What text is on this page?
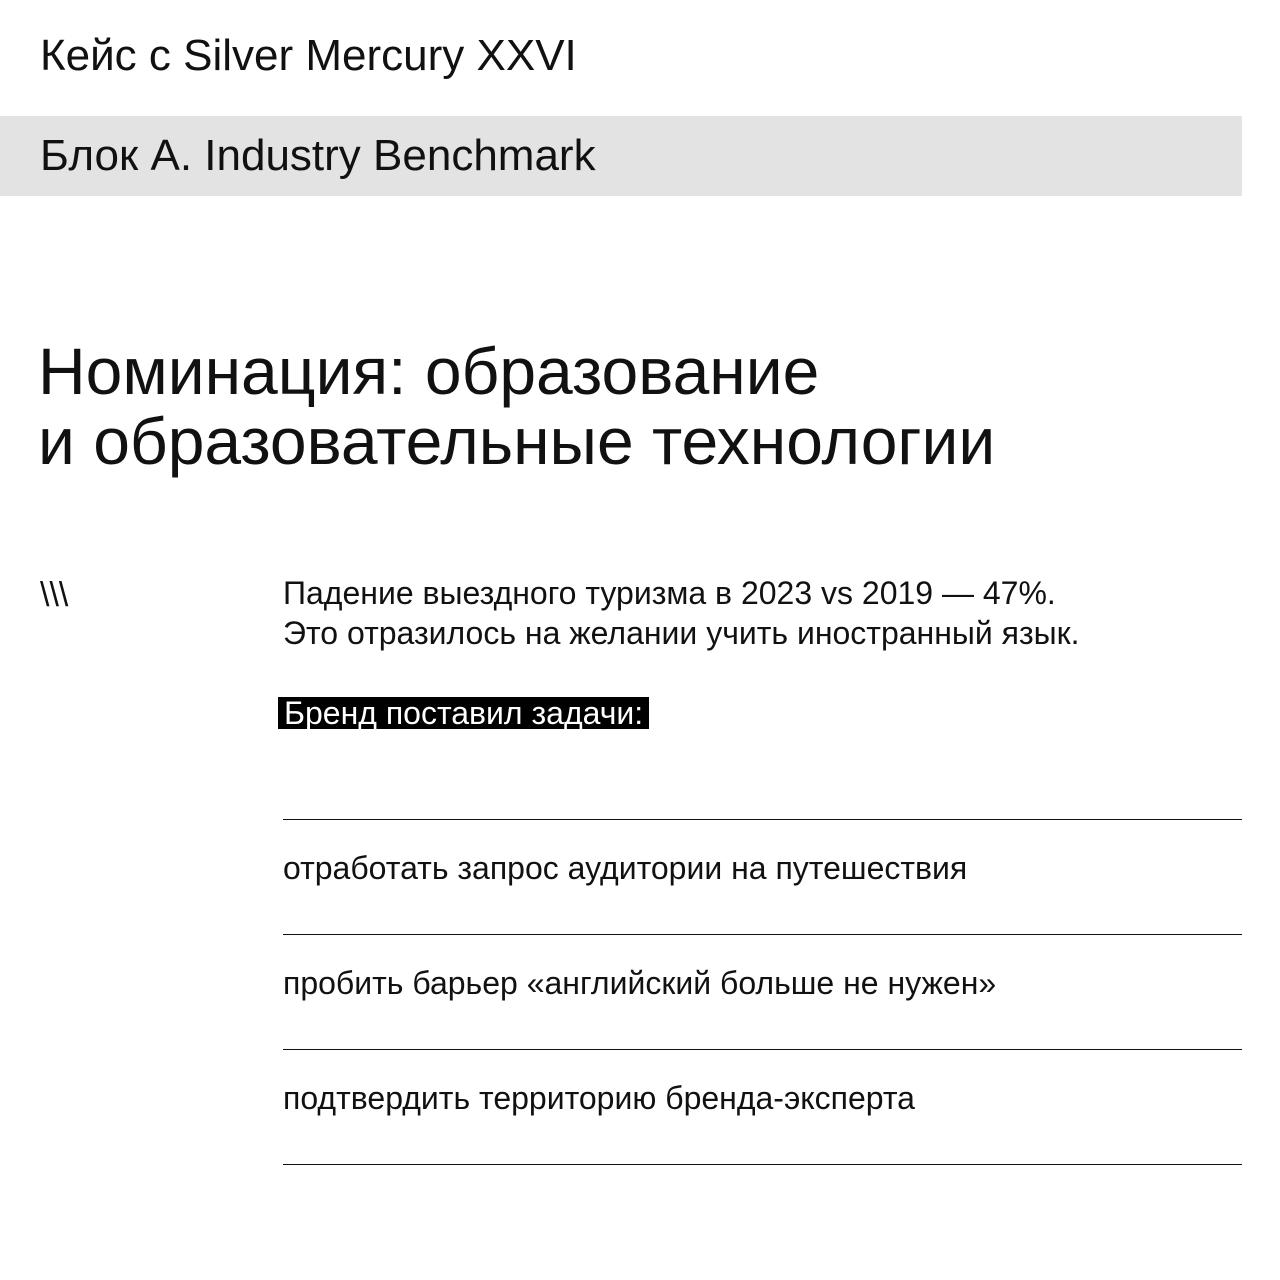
Кейс с Silver Mercury XXVI
Блок А. Industry Benchmark
Номинация: образование
и образовательные технологии
\\\	Падение выездного туризма в 2023 vs 2019 — 47%.
Это отразилось на желании учить иностранный язык.
Бренд поставил задачи:
отработать запрос аудитории на путешествия
пробить барьер «английский больше не нужен»
подтвердить территорию бренда-эксперта
